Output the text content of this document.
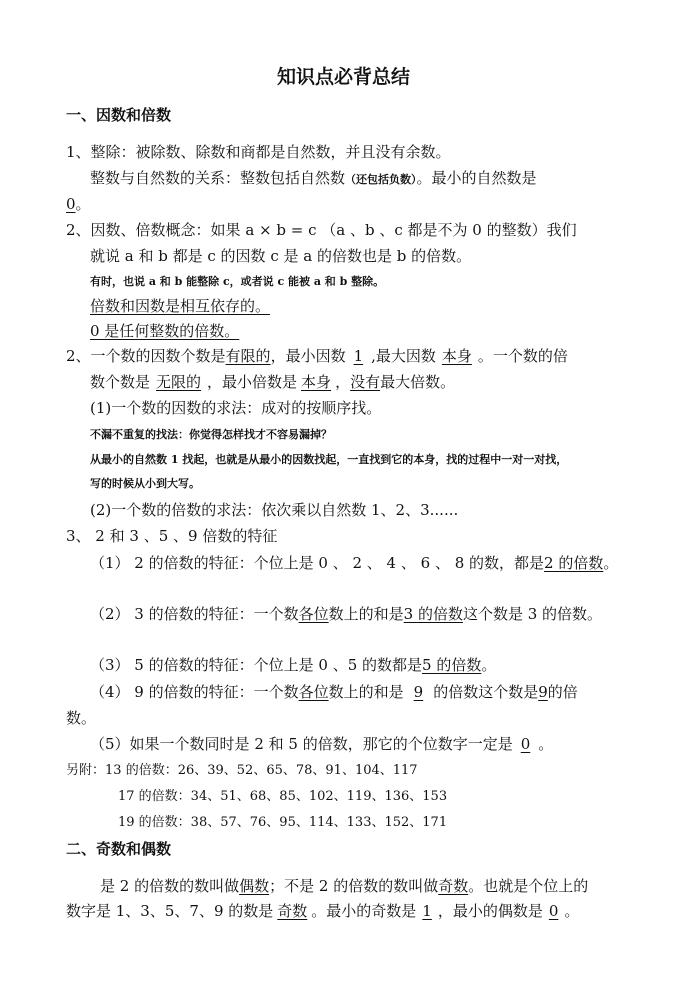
知识点必背总结
一、因数和倍数
1、整除：被除数、除数和商都是自然数，并且没有余数。
整数与自然数的关系：整数包括自然数（还包括负数）。最小的自然数是
0。
2、因数、倍数概念：如果 a × b = c （a 、b 、c 都是不为 0 的整数）我们
就说 a 和 b 都是 c 的因数 c 是 a 的倍数也是 b 的倍数。
有时，也说 a 和 b 能整除 c，或者说 c 能被 a 和 b 整除。
倍数和因数是相互依存的。
0 是任何整数的倍数。
2、一个数的因数个数是有限的，最小因数 1 ,最大因数 本身 。一个数的倍
数个数是 无限的 ，最小倍数是 本身 ，没有最大倍数。
(1)一个数的因数的求法：成对的按顺序找。
不漏不重复的找法：你觉得怎样找才不容易漏掉？
从最小的自然数 1 找起，也就是从最小的因数找起，一直找到它的本身，找的过程中一对一对找，
写的时候从小到大写。
(2)一个数的倍数的求法：依次乘以自然数 1、2、3......
3、 2 和 3 、5 、9 倍数的特征
（1） 2 的倍数的特征：个位上是 0 、 2 、 4 、 6 、 8 的数，都是2 的倍数。
（2） 3 的倍数的特征：一个数各位数上的和是3 的倍数这个数是 3 的倍数。
（3） 5 的倍数的特征：个位上是 0 、5 的数都是5 的倍数。
（4） 9 的倍数的特征：一个数各位数上的和是 9 的倍数这个数是9的倍
数。
（5）如果一个数同时是 2 和 5 的倍数，那它的个位数字一定是 0 。
另附：13 的倍数：26、39、52、65、78、91、104、117
17 的倍数：34、51、68、85、102、119、136、153
19 的倍数：38、57、76、95、114、133、152、171
二、奇数和偶数
是 2 的倍数的数叫做偶数；不是 2 的倍数的数叫做奇数。也就是个位上的
数字是 1、3、5、7、9 的数是 奇数 。最小的奇数是 1 ，最小的偶数是 0 。
